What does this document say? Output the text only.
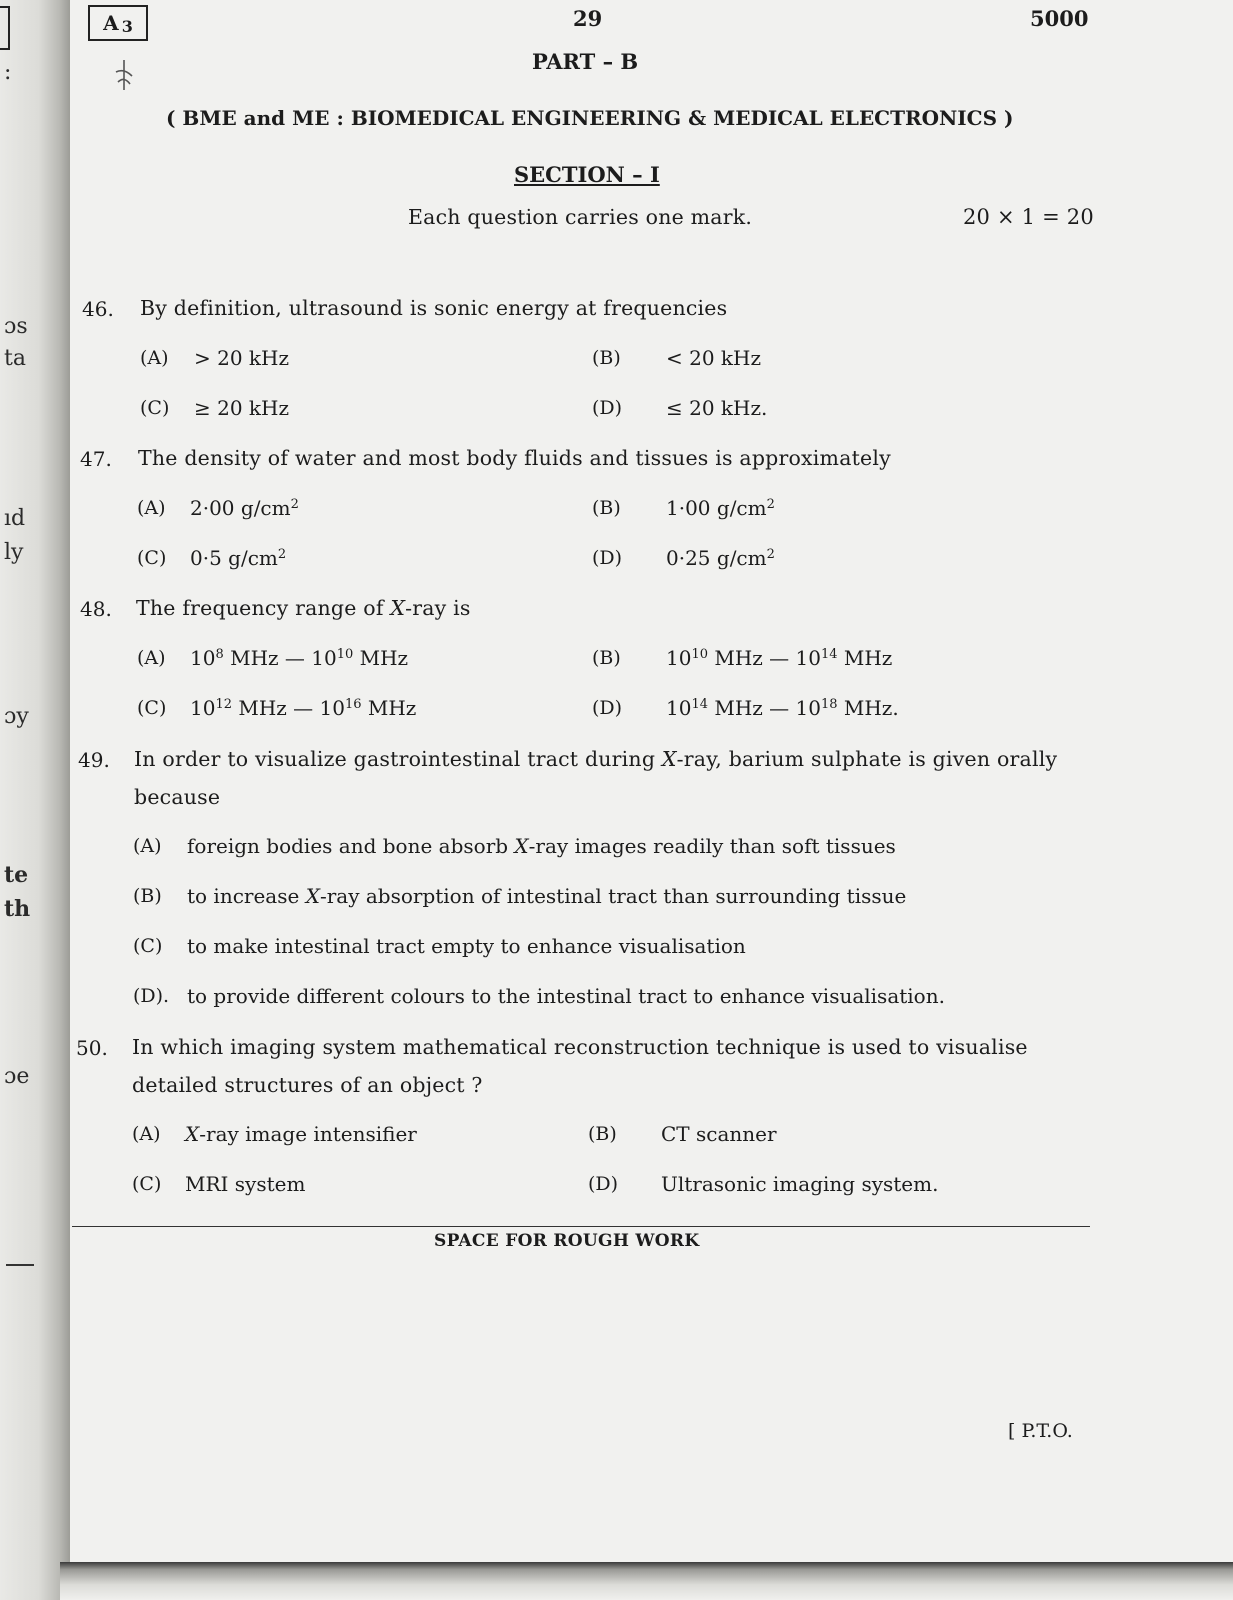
:
ɔs
ta
ıd
ly
ɔy
te
th
ɔe
A 3	29	5000
PART – B
( BME and ME : BIOMEDICAL ENGINEERING & MEDICAL ELECTRONICS )
SECTION – I
Each question carries one mark.	20 × 1 = 20
46. By definition, ultrasound is sonic energy at frequencies
(A) > 20 kHz	(B) < 20 kHz
(C) ≥ 20 kHz	(D) ≤ 20 kHz.
47. The density of water and most body fluids and tissues is approximately
(A) 2·00 $g/cm^2$	(B) 1·00 $g/cm^2$
(C) 0·5 $g/cm^2$	(D) 0·25 $g/cm^2$
48. The frequency range of X-ray is
(A) $10^8$ MHz — $10^{10}$ MHz	(B) $10^{10}$ MHz — $10^{14}$ MHz
(C) $10^{12}$ MHz — $10^{16}$ MHz	(D) $10^{14}$ MHz — $10^{18}$ MHz.
49. In order to visualize gastrointestinal tract during X-ray, barium sulphate is given orally
because
(A) foreign bodies and bone absorb X-ray images readily than soft tissues
(B) to increase X-ray absorption of intestinal tract than surrounding tissue
(C) to make intestinal tract empty to enhance visualisation
(D). to provide different colours to the intestinal tract to enhance visualisation.
50. In which imaging system mathematical reconstruction technique is used to visualise
detailed structures of an object ?
(A) X-ray image intensifier	(B) CT scanner
(C) MRI system	(D) Ultrasonic imaging system.
SPACE FOR ROUGH WORK
[ P.T.O.
